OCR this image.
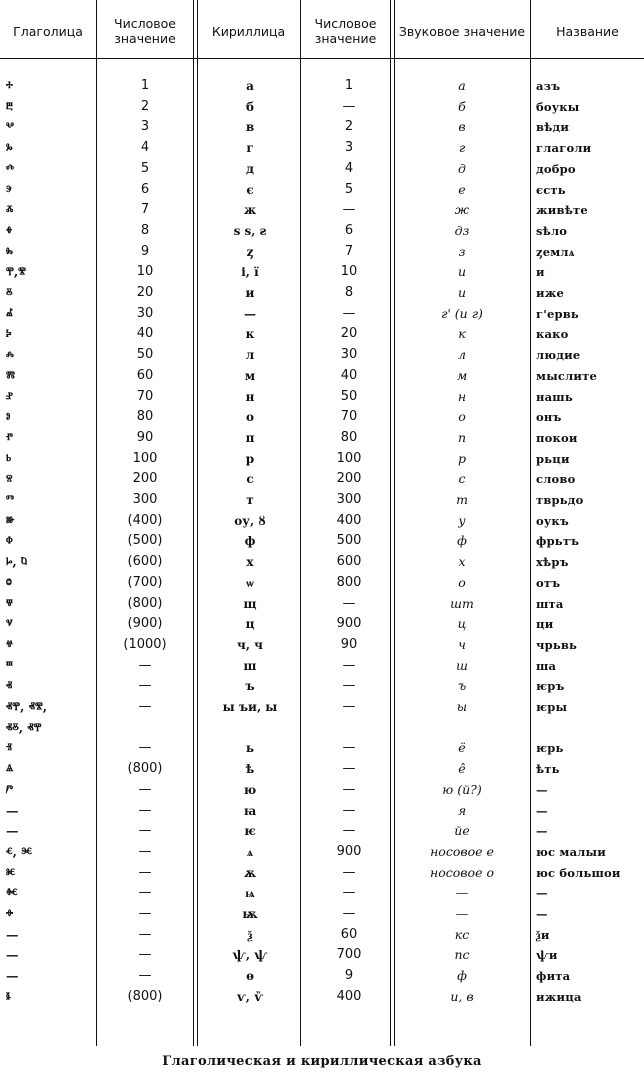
Глаголица	Числовое значение	Кириллица	Числовое значение	Звуковое значение	Название
ⰰ	1	а	1	а	азъ
ⰱ	2	б	—	б	боукы
ⰲ	3	в	2	в	вѣди
ⰳ	4	г	3	г	глаголи
ⰴ	5	д	4	д	добро
ⰵ	6	є	5	е	єсть
ⰶ	7	ж	—	ж	живѣте
ⰷ	8	ѕ s, ƨ	6	дз	ѕѣло
ⰸ	9	ȥ	7	з	ȥемлѧ
ⰹ,ⰺ	10	і, ї	10	и	и
ⰻ	20	и	8	и	иже
ⰼ	30	—	—	г' (и г)	г'ервь
ⰽ	40	к	20	к	како
ⰾ	50	л	30	л	людие
ⰿ	60	м	40	м	мыслите
ⱀ	70	н	50	н	нашь
ⱁ	80	о	70	о	онъ
ⱂ	90	п	80	п	покои
ⱃ	100	р	100	р	рьци
ⱄ	200	с	200	с	слово
ⱅ	300	т	300	т	тврьдо
ⱆ	(400)	оу, ȣ	400	у	оукъ
ⱇ	(500)	ф	500	ф	фрьтъ
ⱈ, ⱒ	(600)	х	600	х	хѣръ
ⱉ	(700)	ѡ	800	о	отъ
ⱋ	(800)	щ	—	шт	шта
ⱌ	(900)	ц	900	ц	ци
ⱍ	(1000)	ч, ч	90	ч	чрьвь
ⱎ	—	ш	—	ш	ша
ⱏ	—	ъ	—	ъ	ѥръ
ⱏⰹ, ⱏⰺ,	—	ы ъи, ы	—	ы	ѥры
ⱏⰻ, ⱏⰹ
ⱐ	—	ь	—	ё	ѥрь
ⱑ	(800)	ѣ	—	ê	ѣть
ⱓ	—	ю	—	ю (й?)	—
—	—	ꙗ	—	я	—
—	—	ѥ	—	йе	—
ⱔ, ⱗ	—	ѧ	900	носовое е	юс малыи
ⱘ	—	ѫ	—	носовое о	юс большои
ⱙ	—	ѩ	—	—	—
ⱚ	—	ѭ	—	—	—
—	—	ѯ	60	кс	ѯи
—	—	ѱ, ѱ	700	пс	ѱи
—	—	ѳ	9	ф	фита
ⱛ	(800)	ѵ, ѷ	400	и, в	ижица
Глаголическая и кириллическая азбука
